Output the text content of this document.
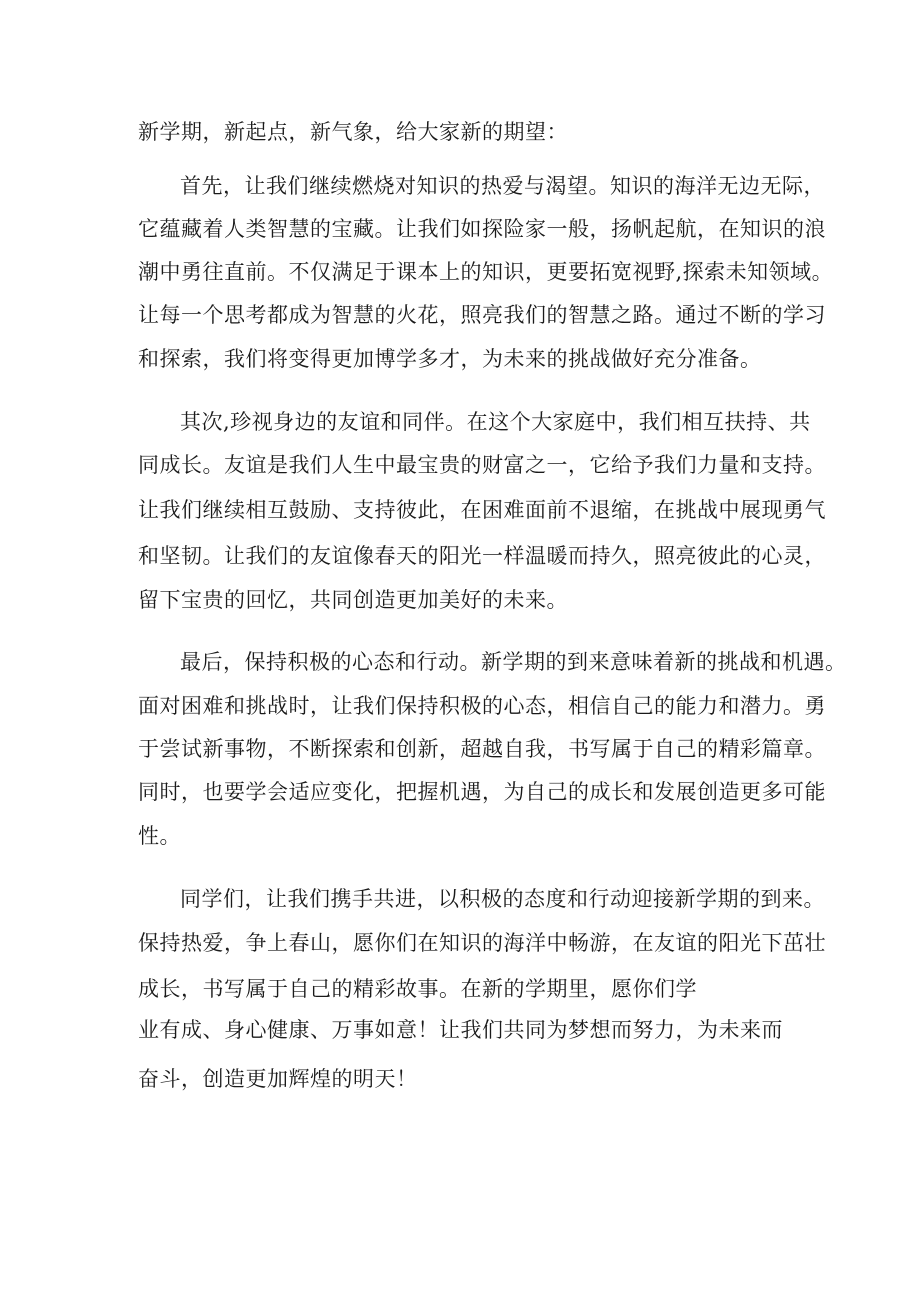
新学期，新起点，新气象，给大家新的期望：
首先，让我们继续燃烧对知识的热爱与渴望。知识的海洋无边无际，
它蕴藏着人类智慧的宝藏。让我们如探险家一般，扬帆起航，在知识的浪
潮中勇往直前。不仅满足于课本上的知识，更要拓宽视野,探索未知领域。
让每一个思考都成为智慧的火花，照亮我们的智慧之路。通过不断的学习
和探索，我们将变得更加博学多才，为未来的挑战做好充分准备。
其次,珍视身边的友谊和同伴。在这个大家庭中，我们相互扶持、共
同成长。友谊是我们人生中最宝贵的财富之一，它给予我们力量和支持。
让我们继续相互鼓励、支持彼此，在困难面前不退缩，在挑战中展现勇气
和坚韧。让我们的友谊像春天的阳光一样温暖而持久，照亮彼此的心灵，
留下宝贵的回忆，共同创造更加美好的未来。
最后，保持积极的心态和行动。新学期的到来意味着新的挑战和机遇。
面对困难和挑战时，让我们保持积极的心态，相信自己的能力和潜力。勇
于尝试新事物，不断探索和创新，超越自我，书写属于自己的精彩篇章。
同时，也要学会适应变化，把握机遇，为自己的成长和发展创造更多可能
性。
同学们，让我们携手共进，以积极的态度和行动迎接新学期的到来。
保持热爱，争上春山，愿你们在知识的海洋中畅游，在友谊的阳光下茁壮
成长，书写属于自己的精彩故事。在新的学期里，愿你们学
业有成、身心健康、万事如意！让我们共同为梦想而努力，为未来而
奋斗，创造更加辉煌的明天！
